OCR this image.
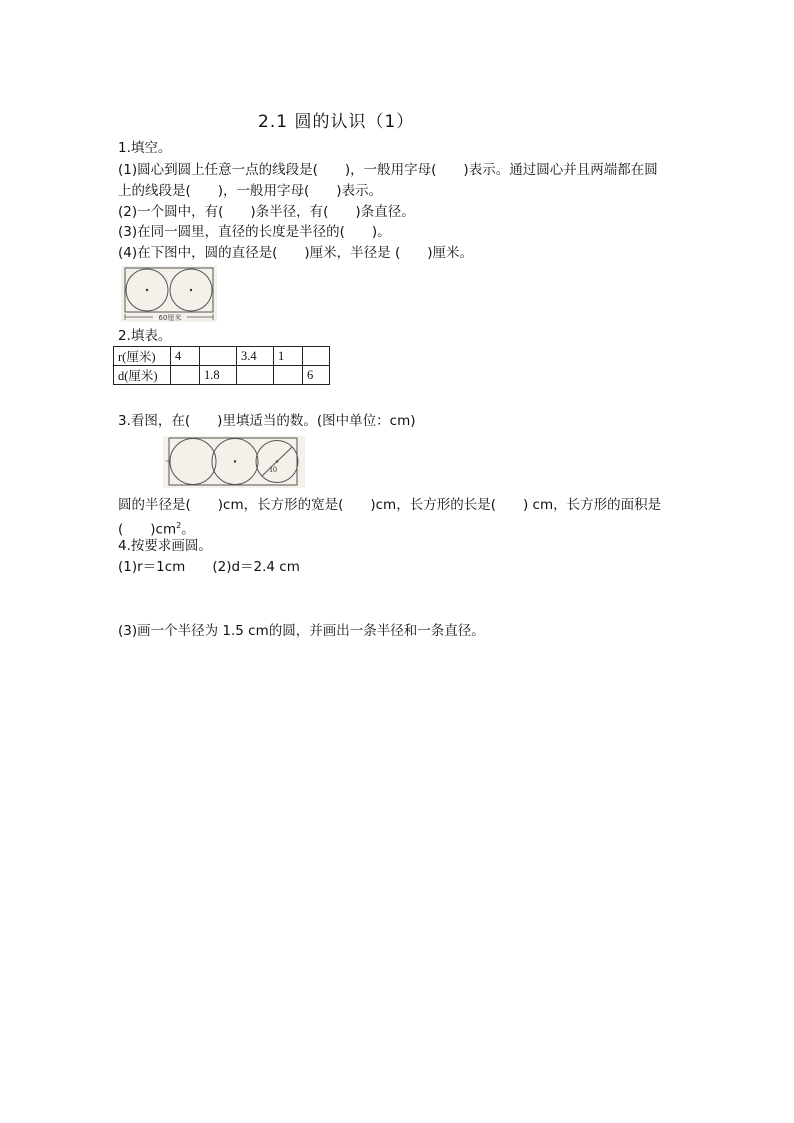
2.1 圆的认识（1）
1.填空。
(1)圆心到圆上任意一点的线段是(　　)，一般用字母(　　)表示。通过圆心并且两端都在圆
上的线段是(　　)，一般用字母(　　)表示。
(2)一个圆中，有(　　)条半径，有(　　)条直径。
(3)在同一圆里，直径的长度是半径的(　　)。
(4)在下图中，圆的直径是(　　)厘米，半径是 (　　)厘米。
60厘米
2.填表。
r(厘米)	4		3.4	1	
d(厘米)		1.8			6
3.看图，在(　　)里填适当的数。(图中单位：cm)
10
圆的半径是(　　)cm，长方形的宽是(　　)cm，长方形的长是(　　) cm，长方形的面积是
(　　)$cm^2$。
4.按要求画圆。
(1)r＝1cm　　(2)d＝2.4 cm
(3)画一个半径为 1.5 cm的圆，并画出一条半径和一条直径。
